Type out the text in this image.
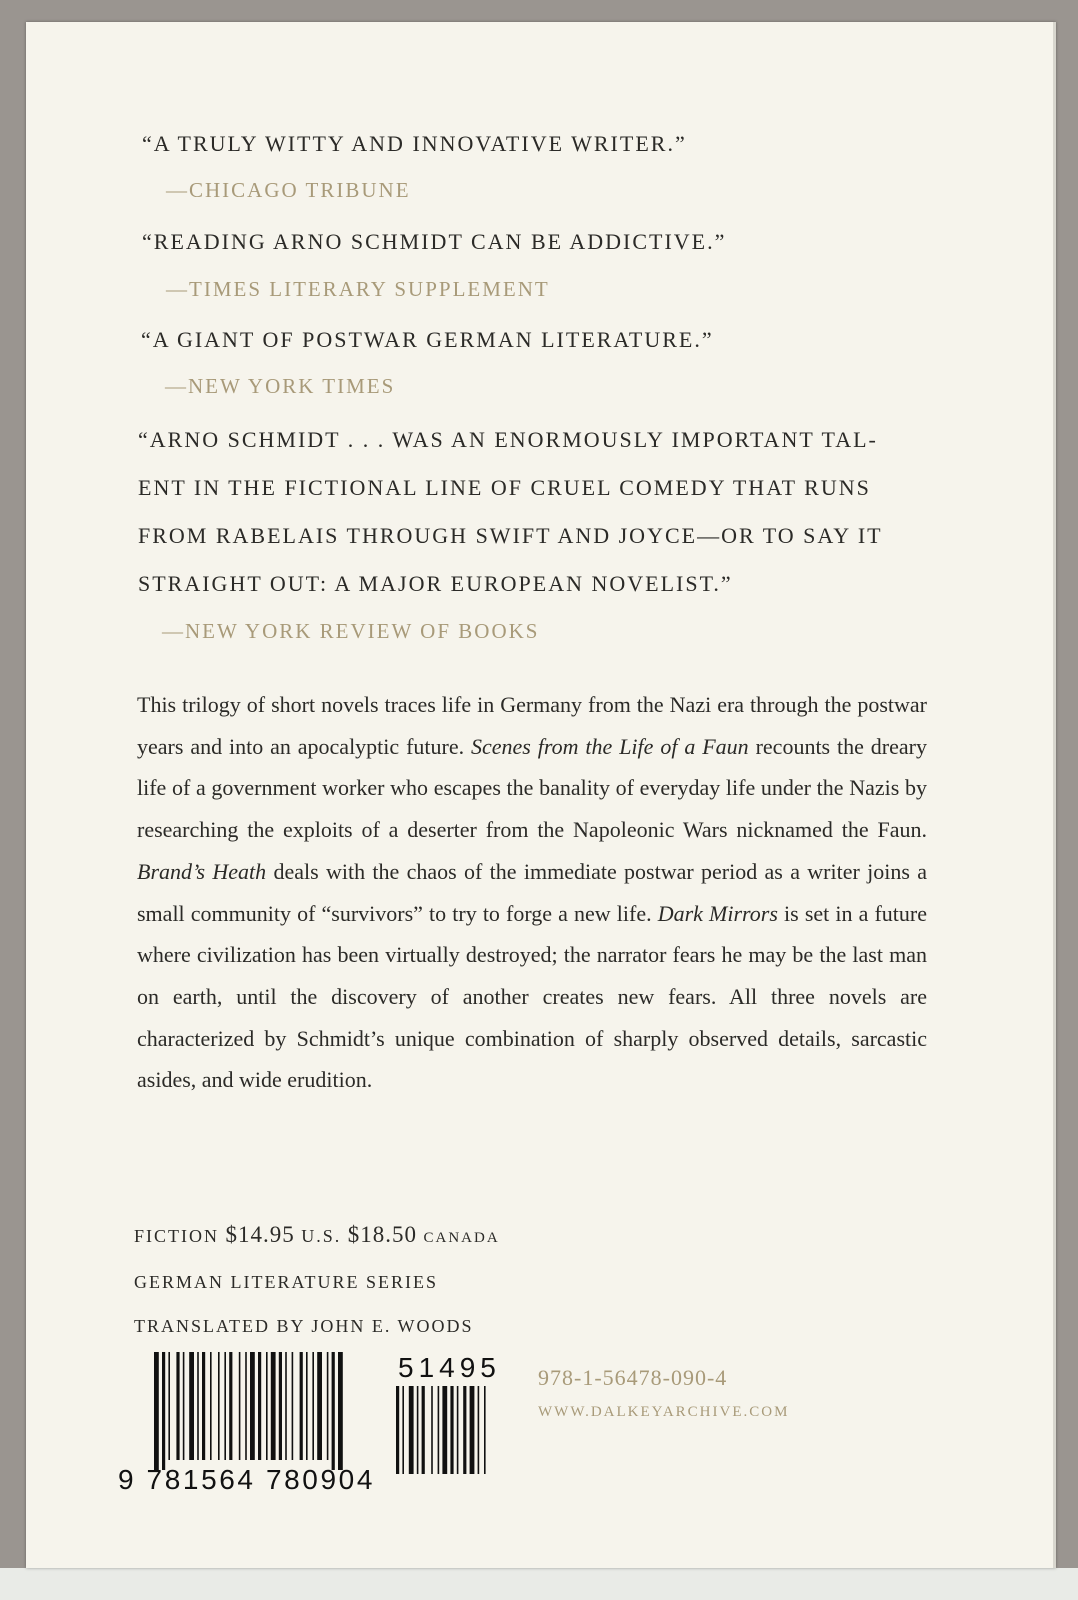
“A TRULY WITTY AND INNOVATIVE WRITER.”
—CHICAGO TRIBUNE
“READING ARNO SCHMIDT CAN BE ADDICTIVE.”
—TIMES LITERARY SUPPLEMENT
“A GIANT OF POSTWAR GERMAN LITERATURE.”
—NEW YORK TIMES
“ARNO SCHMIDT . . . WAS AN ENORMOUSLY IMPORTANT TAL-
ENT IN THE FICTIONAL LINE OF CRUEL COMEDY THAT RUNS
FROM RABELAIS THROUGH SWIFT AND JOYCE—OR TO SAY IT
STRAIGHT OUT: A MAJOR EUROPEAN NOVELIST.”
—NEW YORK REVIEW OF BOOKS
This trilogy of short novels traces life in Germany from the Nazi era through the postwar years and into an apocalyptic future. Scenes from the Life of a Faun recounts the dreary life of a government worker who escapes the banality of everyday life under the Nazis by researching the exploits of a deserter from the Napoleonic Wars nicknamed the Faun. Brand’s Heath deals with the chaos of the immediate postwar period as a writer joins a small community of “survivors” to try to forge a new life. Dark Mirrors is set in a future where civilization has been virtually destroyed; the narrator fears he may be the last man on earth, until the discovery of another creates new fears. All three novels are characterized by Schmidt’s unique combination of sharply observed details, sarcastic asides, and wide erudition.
FICTION $14.95 U.S. $18.50 CANADA
GERMAN LITERATURE SERIES
TRANSLATED BY JOHN E. WOODS
9 781564 780904
51495 978-1-56478-090-4
WWW.DALKEYARCHIVE.COM
